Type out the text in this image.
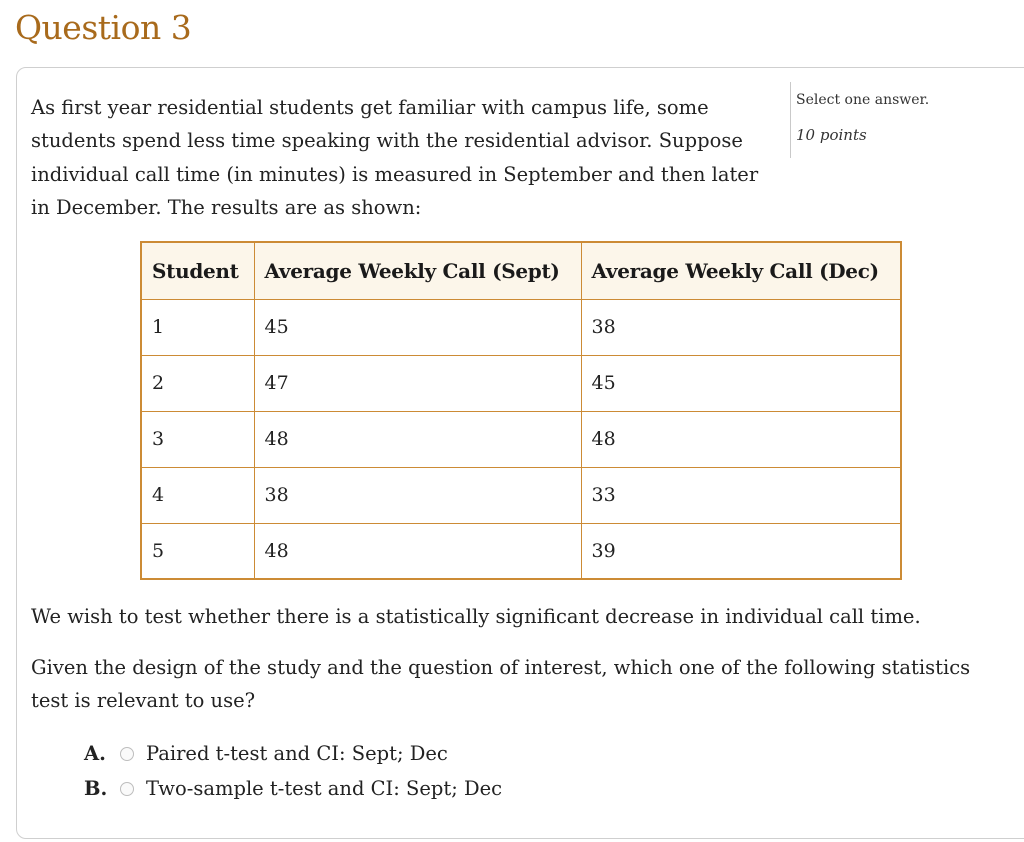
Question 3
Select one answer.
10 points
As first year residential students get familiar with campus life, some students spend less time speaking with the residential advisor. Suppose individual call time (in minutes) is measured in September and then later in December. The results are as shown:
Student	Average Weekly Call (Sept)	Average Weekly Call (Dec)
1	45	38
2	47	45
3	48	48
4	38	33
5	48	39
We wish to test whether there is a statistically significant decrease in individual call time.
Given the design of the study and the question of interest, which one of the following statistics test is relevant to use?
A.	Paired t-test and CI: Sept; Dec
B.	Two-sample t-test and CI: Sept; Dec
